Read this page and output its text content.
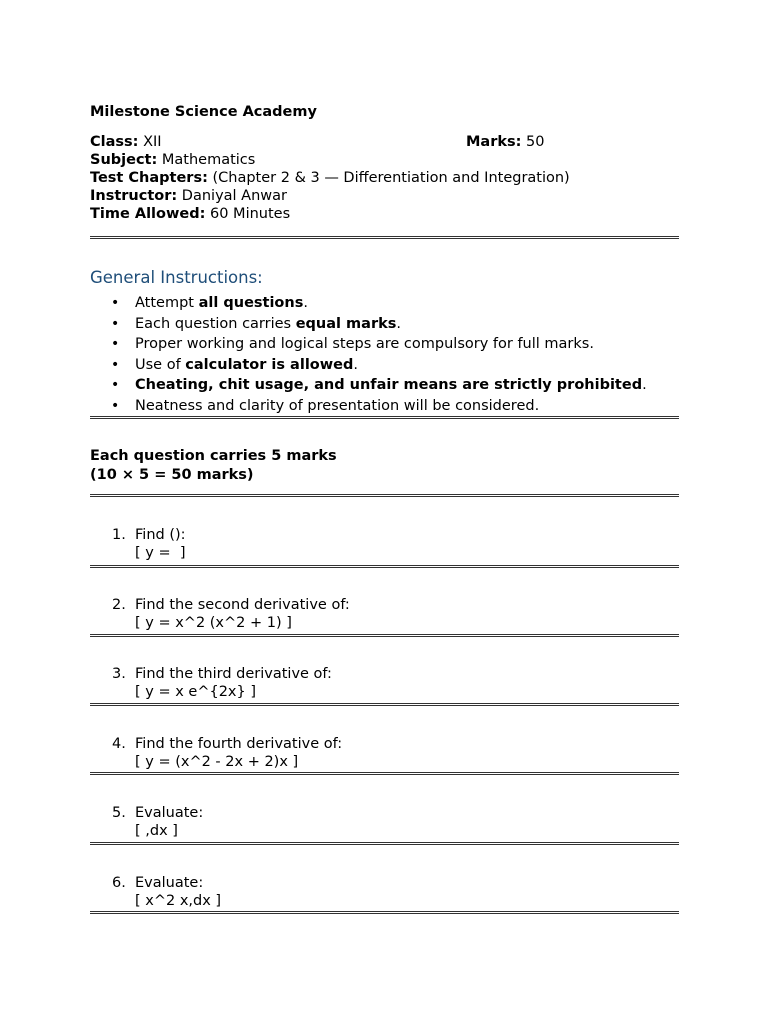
Milestone Science Academy
Class: XII	Marks: 50
Subject: Mathematics
Test Chapters: (Chapter 2 & 3 — Differentiation and Integration)
Instructor: Daniyal Anwar
Time Allowed: 60 Minutes
General Instructions:
• Attempt all questions.
• Each question carries equal marks.
• Proper working and logical steps are compulsory for full marks.
• Use of calculator is allowed.
• Cheating, chit usage, and unfair means are strictly prohibited.
• Neatness and clarity of presentation will be considered.
Each question carries 5 marks
(10 × 5 = 50 marks)
1. Find ():
[ y =  ]
2. Find the second derivative of:
[ y = x^2 (x^2 + 1) ]
3. Find the third derivative of:
[ y = x e^{2x} ]
4. Find the fourth derivative of:
[ y = (x^2 - 2x + 2)x ]
5. Evaluate:
[ ,dx ]
6. Evaluate:
[ x^2 x,dx ]
